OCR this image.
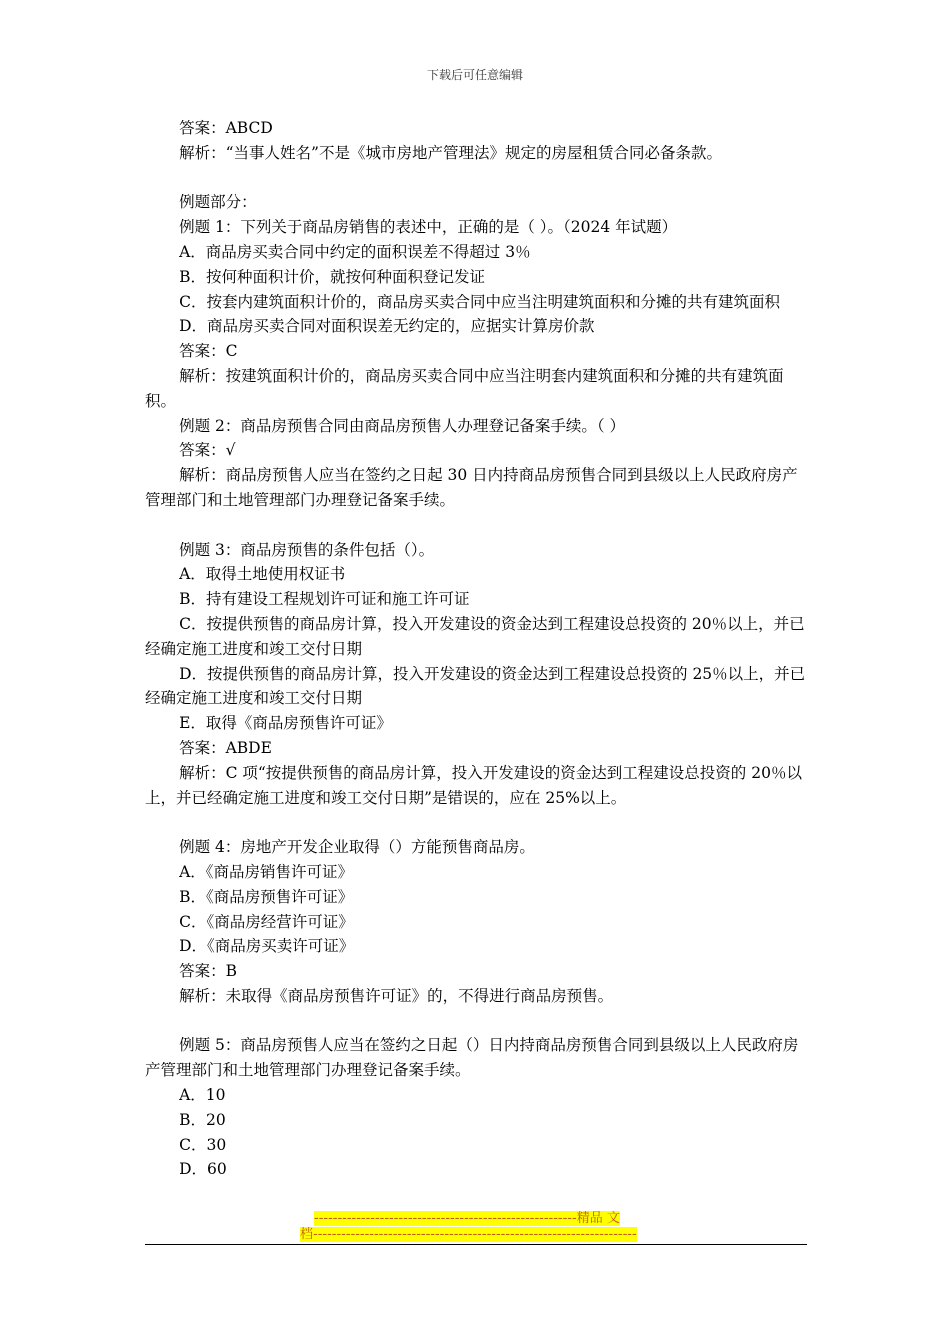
下载后可任意编辑

答案：ABCD

解析：“当事人姓名”不是《城市房地产管理法》规定的房屋租赁合同必备条款。

例题部分：

例题 1：下列关于商品房销售的表述中，正确的是（ ）。（2024 年试题）

A．商品房买卖合同中约定的面积误差不得超过 3％

B．按何种面积计价，就按何种面积登记发证

C．按套内建筑面积计价的，商品房买卖合同中应当注明建筑面积和分摊的共有建筑面积

D．商品房买卖合同对面积误差无约定的，应据实计算房价款

答案：C

解析：按建筑面积计价的，商品房买卖合同中应当注明套内建筑面积和分摊的共有建筑面积。

例题 2：商品房预售合同由商品房预售人办理登记备案手续。（ ）

答案：√

解析：商品房预售人应当在签约之日起 30 日内持商品房预售合同到县级以上人民政府房产管理部门和土地管理部门办理登记备案手续。

例题 3：商品房预售的条件包括（）。

A．取得土地使用权证书

B．持有建设工程规划许可证和施工许可证

C．按提供预售的商品房计算，投入开发建设的资金达到工程建设总投资的 20％以上，并已经确定施工进度和竣工交付日期

D．按提供预售的商品房计算，投入开发建设的资金达到工程建设总投资的 25％以上，并已经确定施工进度和竣工交付日期

E．取得《商品房预售许可证》

答案：ABDE

解析：C 项“按提供预售的商品房计算，投入开发建设的资金达到工程建设总投资的 20％以上，并已经确定施工进度和竣工交付日期”是错误的，应在 25%以上。

例题 4：房地产开发企业取得（）方能预售商品房。

A．《商品房销售许可证》

B．《商品房预售许可证》

C．《商品房经营许可证》

D．《商品房买卖许可证》

答案：B

解析：未取得《商品房预售许可证》的，不得进行商品房预售。

例题 5：商品房预售人应当在签约之日起（）日内持商品房预售合同到县级以上人民政府房产管理部门和土地管理部门办理登记备案手续。

A．10

B．20

C．30

D．60

--------------------------------------------------------精品 文
档---------------------------------------------------------------------
